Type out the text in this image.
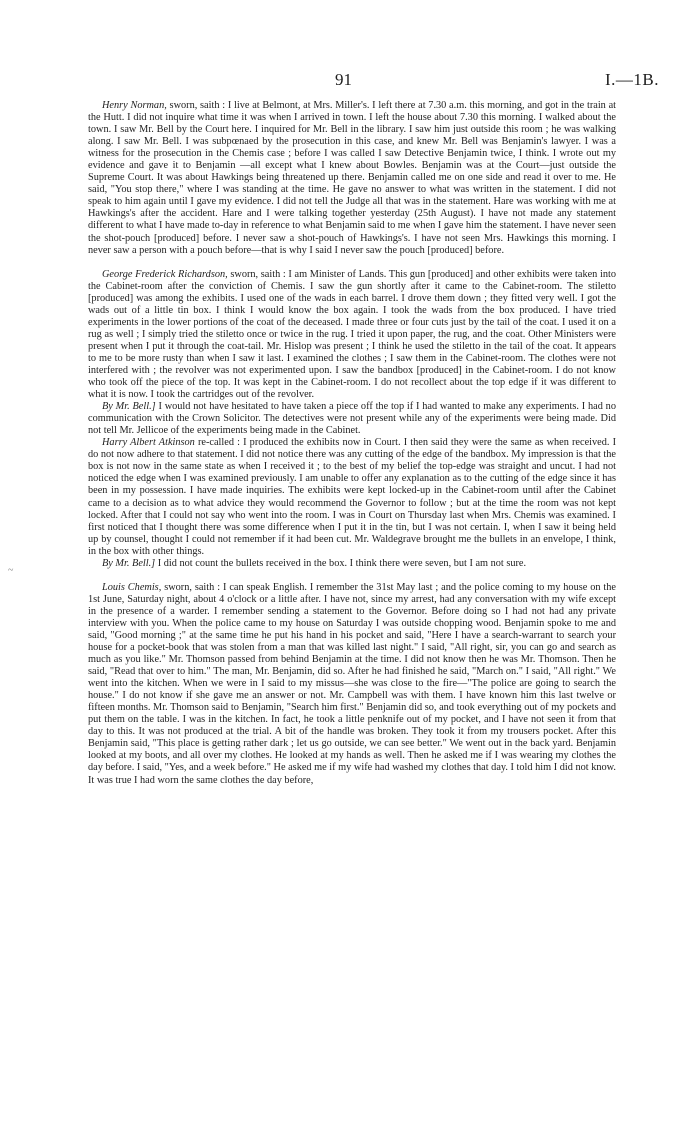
91	I.—1B.

Henry Norman, sworn, saith : I live at Belmont, at Mrs. Miller's. I left there at 7.30 a.m. this morning, and got in the train at the Hutt. I did not inquire what time it was when I arrived in town. I left the house about 7.30 this morning. I walked about the town. I saw Mr. Bell by the Court here. I inquired for Mr. Bell in the library. I saw him just outside this room ; he was walking along. I saw Mr. Bell. I was subpœnaed by the prosecution in this case, and knew Mr. Bell was Benjamin's lawyer. I was a witness for the prosecution in the Chemis case ; before I was called I saw Detective Benjamin twice, I think. I wrote out my evidence and gave it to Benjamin —all except what I knew about Bowles. Benjamin was at the Court—just outside the Supreme Court. It was about Hawkings being threatened up there. Benjamin called me on one side and read it over to me. He said, "You stop there," where I was standing at the time. He gave no answer to what was written in the statement. I did not speak to him again until I gave my evidence. I did not tell the Judge all that was in the statement. Hare was working with me at Hawkings's after the accident. Hare and I were talking together yesterday (25th August). I have not made any statement different to what I have made to-day in reference to what Benjamin said to me when I gave him the statement. I have never seen the shot-pouch [produced] before. I never saw a shot-pouch of Hawkings's. I have not seen Mrs. Hawkings this morning. I never saw a person with a pouch before—that is why I said I never saw the pouch [produced] before.

George Frederick Richardson, sworn, saith : I am Minister of Lands. This gun [produced] and other exhibits were taken into the Cabinet-room after the conviction of Chemis. I saw the gun shortly after it came to the Cabinet-room. The stiletto [produced] was among the exhibits. I used one of the wads in each barrel. I drove them down ; they fitted very well. I got the wads out of a little tin box. I think I would know the box again. I took the wads from the box produced. I have tried experiments in the lower portions of the coat of the deceased. I made three or four cuts just by the tail of the coat. I used it on a rug as well ; I simply tried the stiletto once or twice in the rug. I tried it upon paper, the rug, and the coat. Other Ministers were present when I put it through the coat-tail. Mr. Hislop was present ; I think he used the stiletto in the tail of the coat. It appears to me to be more rusty than when I saw it last. I examined the clothes ; I saw them in the Cabinet-room. The clothes were not interfered with ; the revolver was not experimented upon. I saw the bandbox [produced] in the Cabinet-room. I do not know who took off the piece of the top. It was kept in the Cabinet-room. I do not recollect about the top edge if it was different to what it is now. I took the cartridges out of the revolver.

By Mr. Bell.] I would not have hesitated to have taken a piece off the top if I had wanted to make any experiments. I had no communication with the Crown Solicitor. The detectives were not present while any of the experiments were being made. Did not tell Mr. Jellicoe of the experiments being made in the Cabinet.

Harry Albert Atkinson re-called : I produced the exhibits now in Court. I then said they were the same as when received. I do not now adhere to that statement. I did not notice there was any cutting of the edge of the bandbox. My impression is that the box is not now in the same state as when I received it ; to the best of my belief the top-edge was straight and uncut. I had not noticed the edge when I was examined previously. I am unable to offer any explanation as to the cutting of the edge since it has been in my possession. I have made inquiries. The exhibits were kept locked-up in the Cabinet-room until after the Cabinet came to a decision as to what advice they would recommend the Governor to follow ; but at the time the room was not kept locked. After that I could not say who went into the room. I was in Court on Thursday last when Mrs. Chemis was examined. I first noticed that I thought there was some difference when I put it in the tin, but I was not certain. I, when I saw it being held up by counsel, thought I could not remember if it had been cut. Mr. Waldegrave brought me the bullets in an envelope, I think, in the box with other things.

By Mr. Bell.] I did not count the bullets received in the box. I think there were seven, but I am not sure.

Louis Chemis, sworn, saith : I can speak English. I remember the 31st May last ; and the police coming to my house on the 1st June, Saturday night, about 4 o'clock or a little after. I have not, since my arrest, had any conversation with my wife except in the presence of a warder. I remember sending a statement to the Governor. Before doing so I had not had any private interview with you. When the police came to my house on Saturday I was outside chopping wood. Benjamin spoke to me and said, "Good morning ;" at the same time he put his hand in his pocket and said, "Here I have a search-warrant to search your house for a pocket-book that was stolen from a man that was killed last night." I said, "All right, sir, you can go and search as much as you like." Mr. Thomson passed from behind Benjamin at the time. I did not know then he was Mr. Thomson. Then he said, "Read that over to him." The man, Mr. Benjamin, did so. After he had finished he said, "March on." I said, "All right." We went into the kitchen. When we were in I said to my missus—she was close to the fire—"The police are going to search the house." I do not know if she gave me an answer or not. Mr. Campbell was with them. I have known him this last twelve or fifteen months. Mr. Thomson said to Benjamin, "Search him first." Benjamin did so, and took everything out of my pockets and put them on the table. I was in the kitchen. In fact, he took a little penknife out of my pocket, and I have not seen it from that day to this. It was not produced at the trial. A bit of the handle was broken. They took it from my trousers pocket. After this Benjamin said, "This place is getting rather dark ; let us go outside, we can see better." We went out in the back yard. Benjamin looked at my boots, and all over my clothes. He looked at my hands as well. Then he asked me if I was wearing my clothes the day before. I said, "Yes, and a week before." He asked me if my wife had washed my clothes that day. I told him I did not know. It was true I had worn the same clothes the day before,

~
